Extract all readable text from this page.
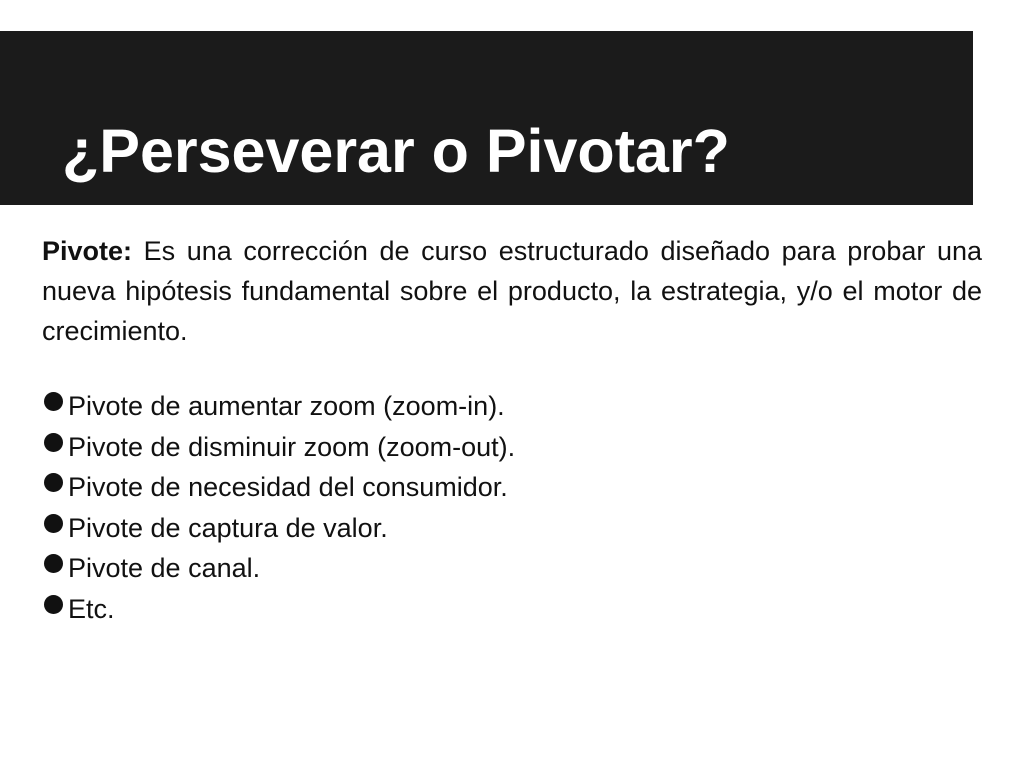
¿Perseverar o Pivotar?

Pivote: Es una corrección de curso estructurado diseñado para probar una nueva hipótesis fundamental sobre el producto, la estrategia, y/o el motor de crecimiento.

Pivote de aumentar zoom (zoom-in).
Pivote de disminuir zoom (zoom-out).
Pivote de necesidad del consumidor.
Pivote de captura de valor.
Pivote de canal.
Etc.
